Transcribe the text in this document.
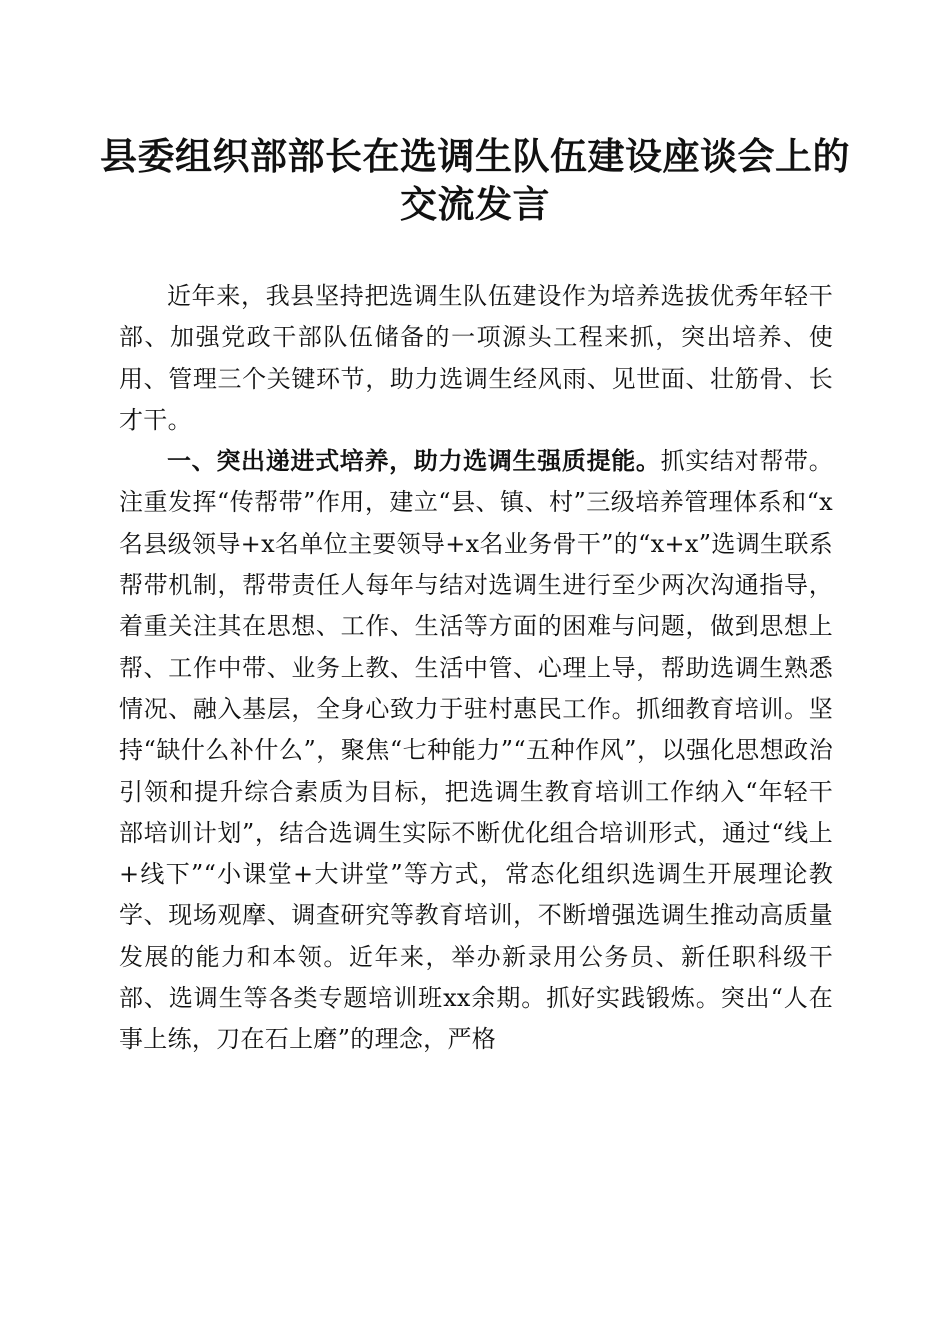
县委组织部部长在选调生队伍建设座谈会上的
交流发言

近年来，我县坚持把选调生队伍建设作为培养选拔优秀年轻干部、加强党政干部队伍储备的一项源头工程来抓，突出培养、使用、管理三个关键环节，助力选调生经风雨、见世面、壮筋骨、长才干。

一、突出递进式培养，助力选调生强质提能。抓实结对帮带。注重发挥“传帮带”作用，建立“县、镇、村”三级培养管理体系和“x名县级领导+x名单位主要领导+x名业务骨干”的“x+x”选调生联系帮带机制，帮带责任人每年与结对选调生进行至少两次沟通指导，着重关注其在思想、工作、生活等方面的困难与问题，做到思想上帮、工作中带、业务上教、生活中管、心理上导，帮助选调生熟悉情况、融入基层，全身心致力于驻村惠民工作。抓细教育培训。坚持“缺什么补什么”，聚焦“七种能力”“五种作风”，以强化思想政治引领和提升综合素质为目标，把选调生教育培训工作纳入“年轻干部培训计划”，结合选调生实际不断优化组合培训形式，通过“线上+线下”“小课堂+大讲堂”等方式，常态化组织选调生开展理论教学、现场观摩、调查研究等教育培训，不断增强选调生推动高质量发展的能力和本领。近年来，举办新录用公务员、新任职科级干部、选调生等各类专题培训班xx余期。抓好实践锻炼。突出“人在事上练，刀在石上磨”的理念，严格
